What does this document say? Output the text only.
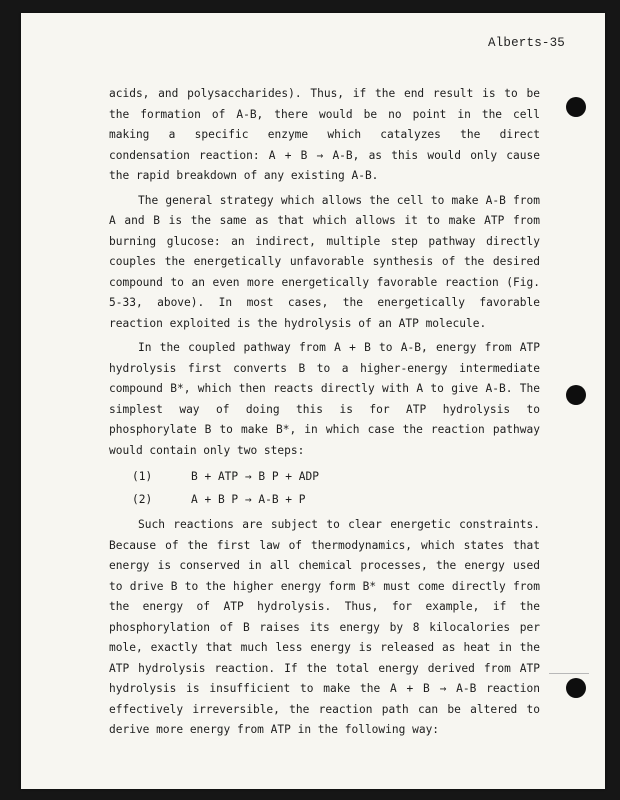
Alberts-35

acids, and polysaccharides). Thus, if the end result is to be the formation of A-B, there would be no point in the cell making a specific enzyme which catalyzes the direct condensation reaction: A + B → A-B, as this would only cause the rapid breakdown of any existing A-B.

The general strategy which allows the cell to make A-B from A and B is the same as that which allows it to make ATP from burning glucose: an indirect, multiple step pathway directly couples the energetically unfavorable synthesis of the desired compound to an even more energetically favorable reaction (Fig. 5-33, above). In most cases, the energetically favorable reaction exploited is the hydrolysis of an ATP molecule.

In the coupled pathway from A + B to A-B, energy from ATP hydrolysis first converts B to a higher-energy intermediate compound B*, which then reacts directly with A to give A-B. The simplest way of doing this is for ATP hydrolysis to phosphorylate B to make B*, in which case the reaction pathway would contain only two steps:

(1)	B + ATP → B P + ADP
(2)	A + B P → A-B + P

Such reactions are subject to clear energetic constraints. Because of the first law of thermodynamics, which states that energy is conserved in all chemical processes, the energy used to drive B to the higher energy form B* must come directly from the energy of ATP hydrolysis. Thus, for example, if the phosphorylation of B raises its energy by 8 kilocalories per mole, exactly that much less energy is released as heat in the ATP hydrolysis reaction. If the total energy derived from ATP hydrolysis is insufficient to make the A + B → A-B reaction effectively irreversible, the reaction path can be altered to derive more energy from ATP in the following way:
